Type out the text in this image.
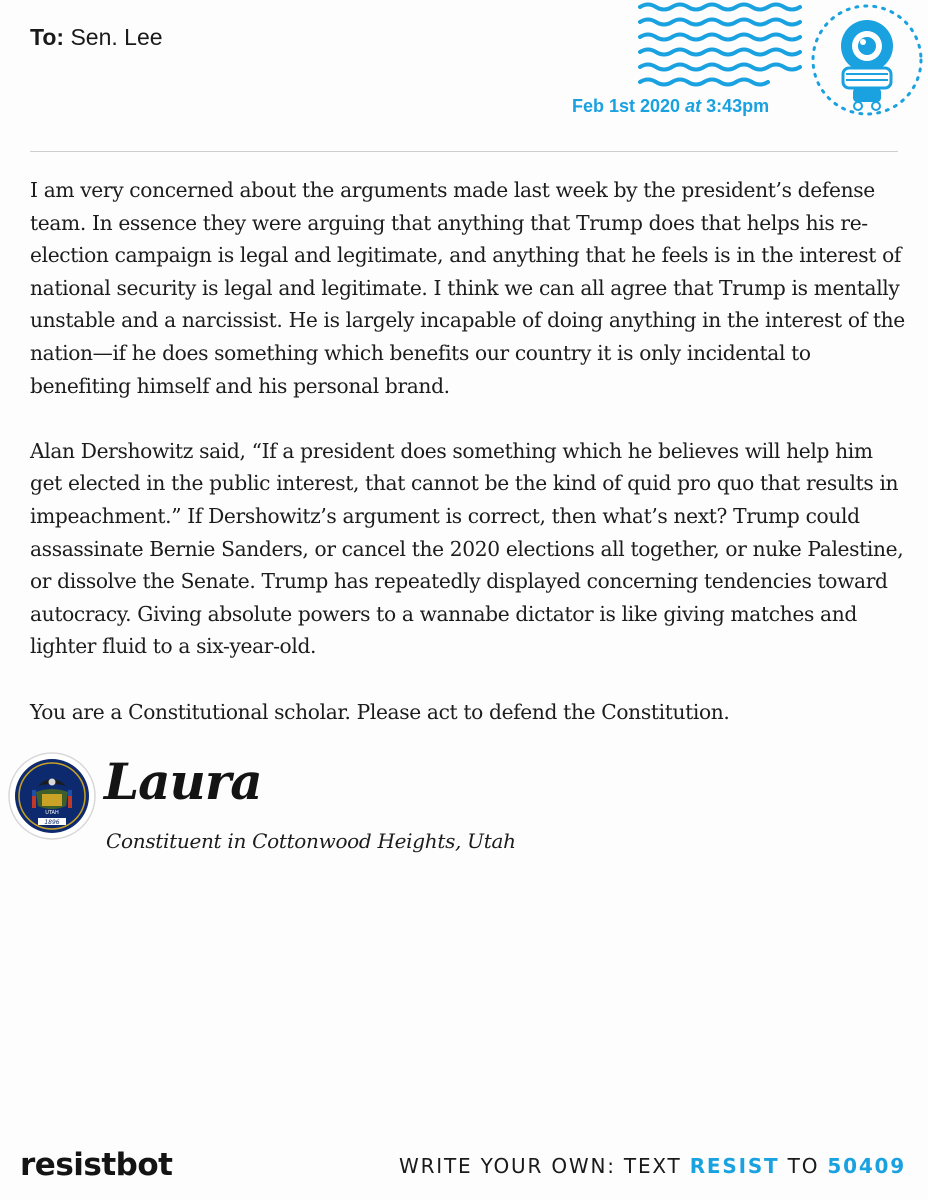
To: Sen. Lee
Feb 1st 2020 at 3:43pm

I am very concerned about the arguments made last week by the president’s defense team. In essence they were arguing that anything that Trump does that helps his re-election campaign is legal and legitimate, and anything that he feels is in the interest of national security is legal and legitimate. I think we can all agree that Trump is mentally unstable and a narcissist. He is largely incapable of doing anything in the interest of the nation—if he does something which benefits our country it is only incidental to benefiting himself and his personal brand.

Alan Dershowitz said, “If a president does something which he believes will help him get elected in the public interest, that cannot be the kind of quid pro quo that results in impeachment.” If Dershowitz’s argument is correct, then what’s next? Trump could assassinate Bernie Sanders, or cancel the 2020 elections all together, or nuke Palestine, or dissolve the Senate. Trump has repeatedly displayed concerning tendencies toward autocracy. Giving absolute powers to a wannabe dictator is like giving matches and lighter fluid to a six-year-old.

You are a Constitutional scholar. Please act to defend the Constitution.

UTAH
1896
Laura
Constituent in Cottonwood Heights, Utah
resistbot	WRITE YOUR OWN: TEXT RESIST TO 50409
